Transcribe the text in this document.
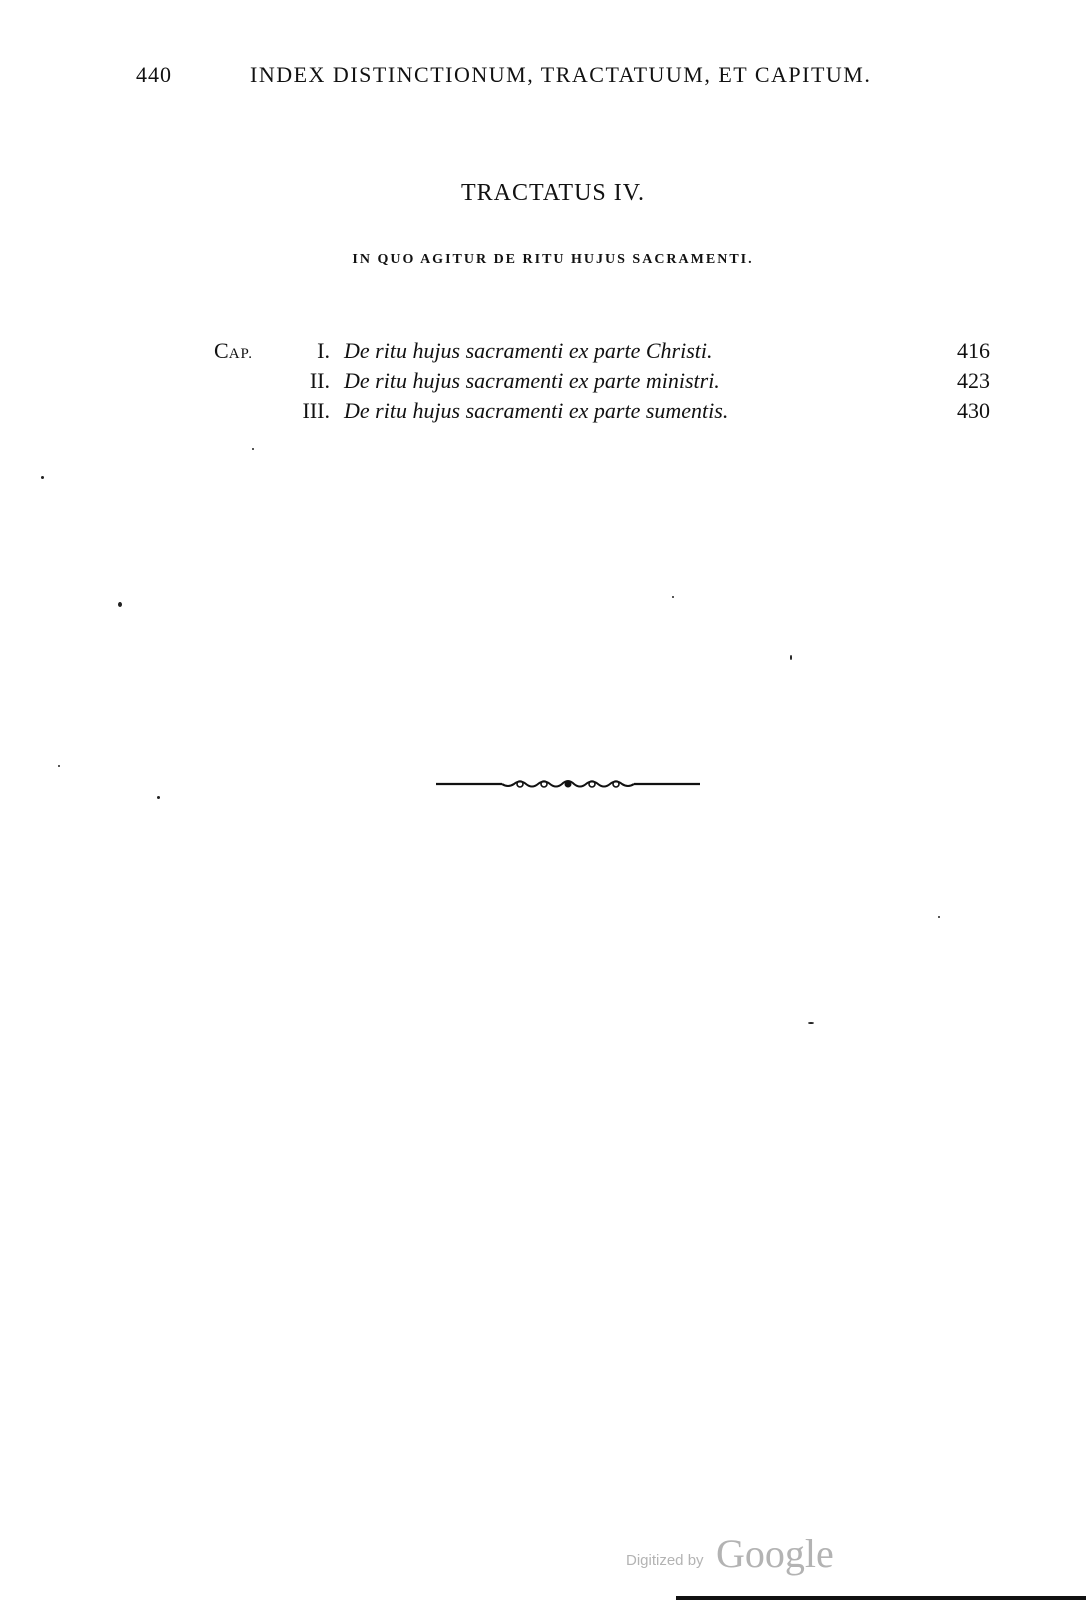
440	INDEX DISTINCTIONUM, TRACTATUUM, ET CAPITUM.
TRACTATUS IV.
IN QUO AGITUR DE RITU HUJUS SACRAMENTI.
CAP.	I. De ritu hujus sacramenti ex parte Christi.	416
II. De ritu hujus sacramenti ex parte ministri.	423
III. De ritu hujus sacramenti ex parte sumentis.	430
Digitized by Google
